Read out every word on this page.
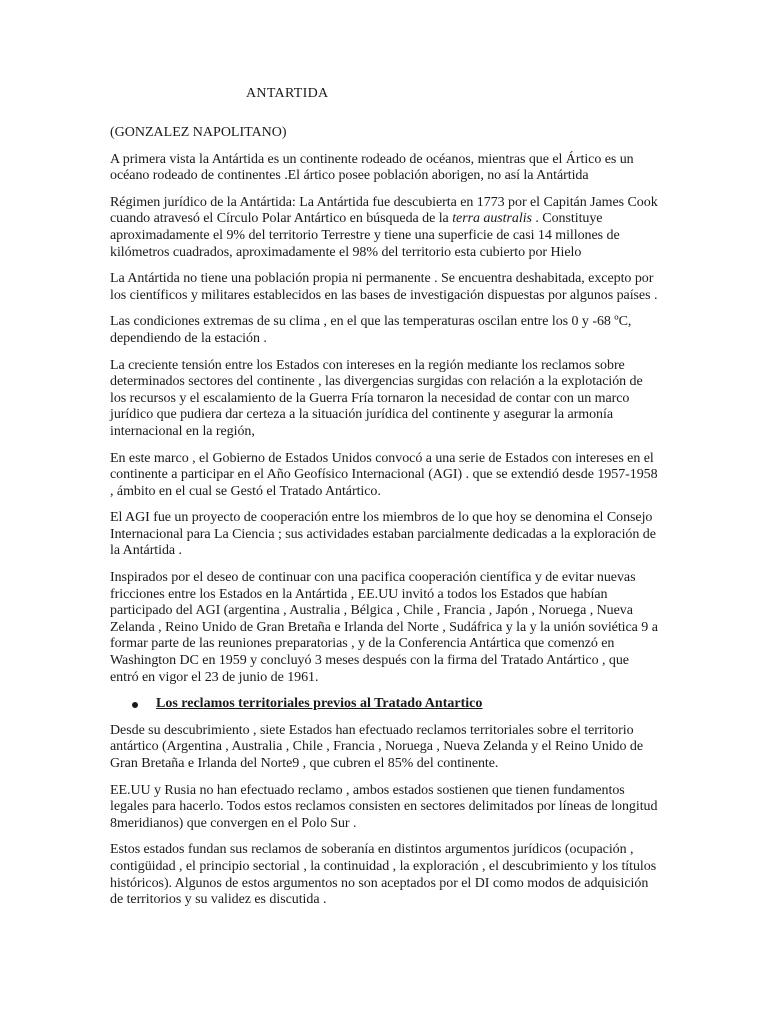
ANTARTIDA
(GONZALEZ NAPOLITANO)

A primera vista la Antártida es un continente rodeado de océanos, mientras que el Ártico es un océano rodeado de continentes .El ártico posee población aborigen, no así la Antártida

Régimen jurídico de la Antártida: La Antártida fue descubierta en 1773 por el Capitán James Cook cuando atravesó el Círculo Polar Antártico en búsqueda de la terra australis . Constituye aproximadamente el 9% del territorio Terrestre y tiene una superficie de casi 14 millones de kilómetros cuadrados, aproximadamente el 98% del territorio esta cubierto por Hielo

La Antártida no tiene una población propia ni permanente . Se encuentra deshabitada, excepto por los científicos y militares establecidos en las bases de investigación dispuestas por algunos países .

Las condiciones extremas de su clima , en el que las temperaturas oscilan entre los 0 y -68 ºC, dependiendo de la estación .

La creciente tensión entre los Estados con intereses en la región mediante los reclamos sobre determinados sectores del continente , las divergencias surgidas con relación a la explotación de los recursos y el escalamiento de la Guerra Fría tornaron la necesidad de contar con un marco jurídico que pudiera dar certeza a la situación jurídica del continente y asegurar la armonía internacional en la región,

En este marco , el Gobierno de Estados Unidos convocó a una serie de Estados con intereses en el continente a participar en el Año Geofísico Internacional (AGI) . que se extendió desde 1957-1958 , ámbito en el cual se Gestó el Tratado Antártico.

El AGI fue un proyecto de cooperación entre los miembros de lo que hoy se denomina el Consejo Internacional para La Ciencia ; sus actividades estaban parcialmente dedicadas a la exploración de la Antártida .

Inspirados por el deseo de continuar con una pacifica cooperación científica y de evitar nuevas fricciones entre los Estados en la Antártida , EE.UU invitó a todos los Estados que habían participado del AGI (argentina , Australia , Bélgica , Chile , Francia , Japón , Noruega , Nueva Zelanda , Reino Unido de Gran Bretaña e Irlanda del Norte , Sudáfrica y la y la unión soviética 9 a formar parte de las reuniones preparatorias , y de la Conferencia Antártica que comenzó en Washington DC en 1959 y concluyó 3 meses después con la firma del Tratado Antártico , que entró en vigor el 23 de junio de 1961.

Los reclamos territoriales previos al Tratado Antartico

Desde su descubrimiento , siete Estados han efectuado reclamos territoriales sobre el territorio antártico (Argentina , Australia , Chile , Francia , Noruega , Nueva Zelanda y el Reino Unido de Gran Bretaña e Irlanda del Norte9 , que cubren el 85% del continente.

EE.UU y Rusia no han efectuado reclamo , ambos estados sostienen que tienen fundamentos legales para hacerlo. Todos estos reclamos consisten en sectores delimitados por líneas de longitud 8meridianos) que convergen en el Polo Sur .

Estos estados fundan sus reclamos de soberanía en distintos argumentos jurídicos (ocupación , contigüidad , el principio sectorial , la continuidad , la exploración , el descubrimiento y los títulos históricos). Algunos de estos argumentos no son aceptados por el DI como modos de adquisición de territorios y su validez es discutida .
